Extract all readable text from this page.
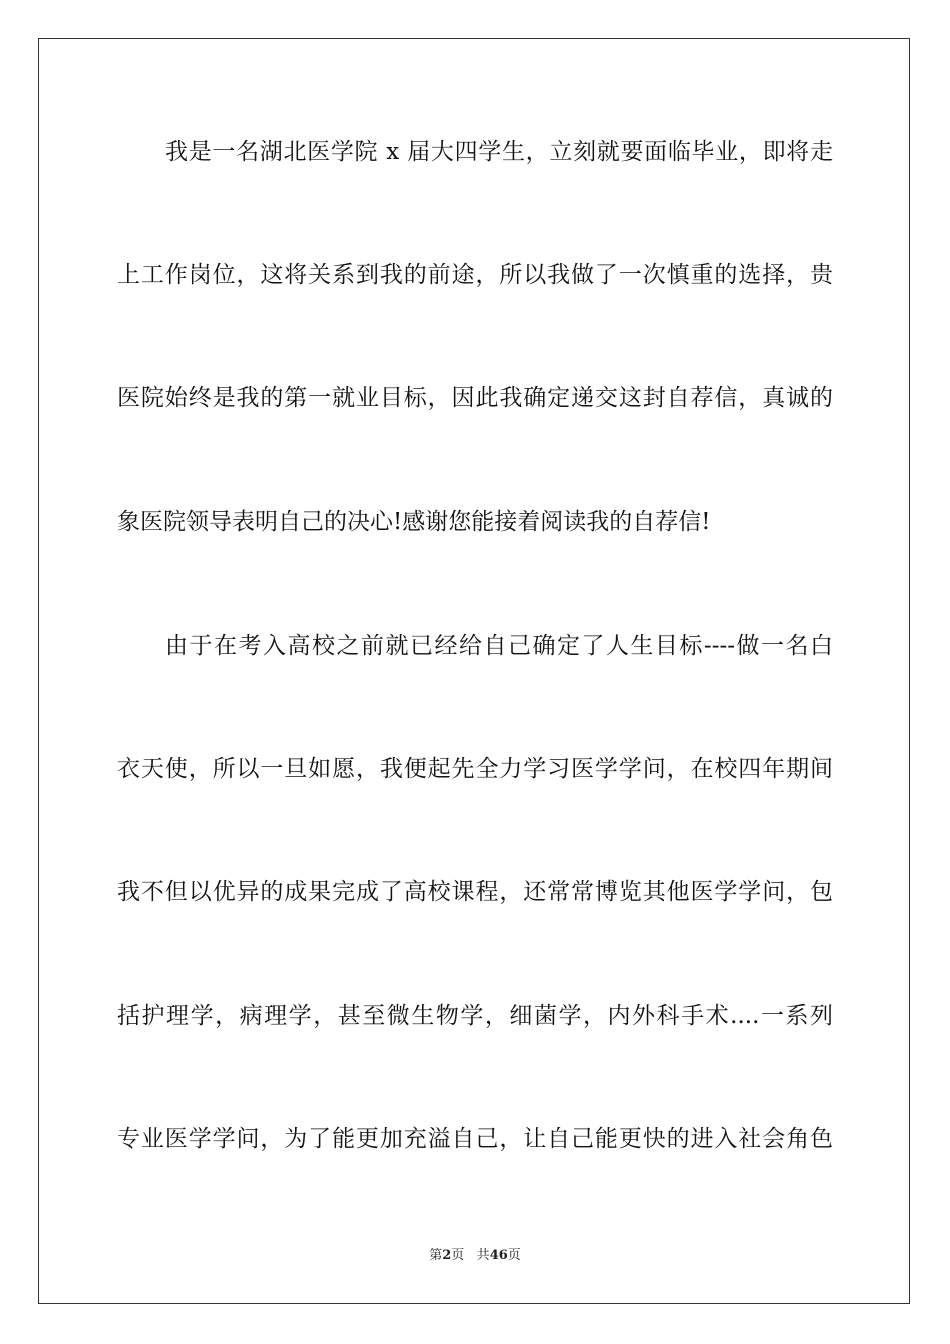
我是一名湖北医学院 x 届大四学生，立刻就要面临毕业，即将走
上工作岗位，这将关系到我的前途，所以我做了一次慎重的选择，贵
医院始终是我的第一就业目标，因此我确定递交这封自荐信，真诚的
象医院领导表明自己的决心!感谢您能接着阅读我的自荐信!
由于在考入高校之前就已经给自己确定了人生目标----做一名白
衣天使，所以一旦如愿，我便起先全力学习医学学问，在校四年期间
我不但以优异的成果完成了高校课程，还常常博览其他医学学问，包
括护理学，病理学，甚至微生物学，细菌学，内外科手术....一系列
专业医学学问，为了能更加充溢自己，让自己能更快的进入社会角色
第2页 共46页
